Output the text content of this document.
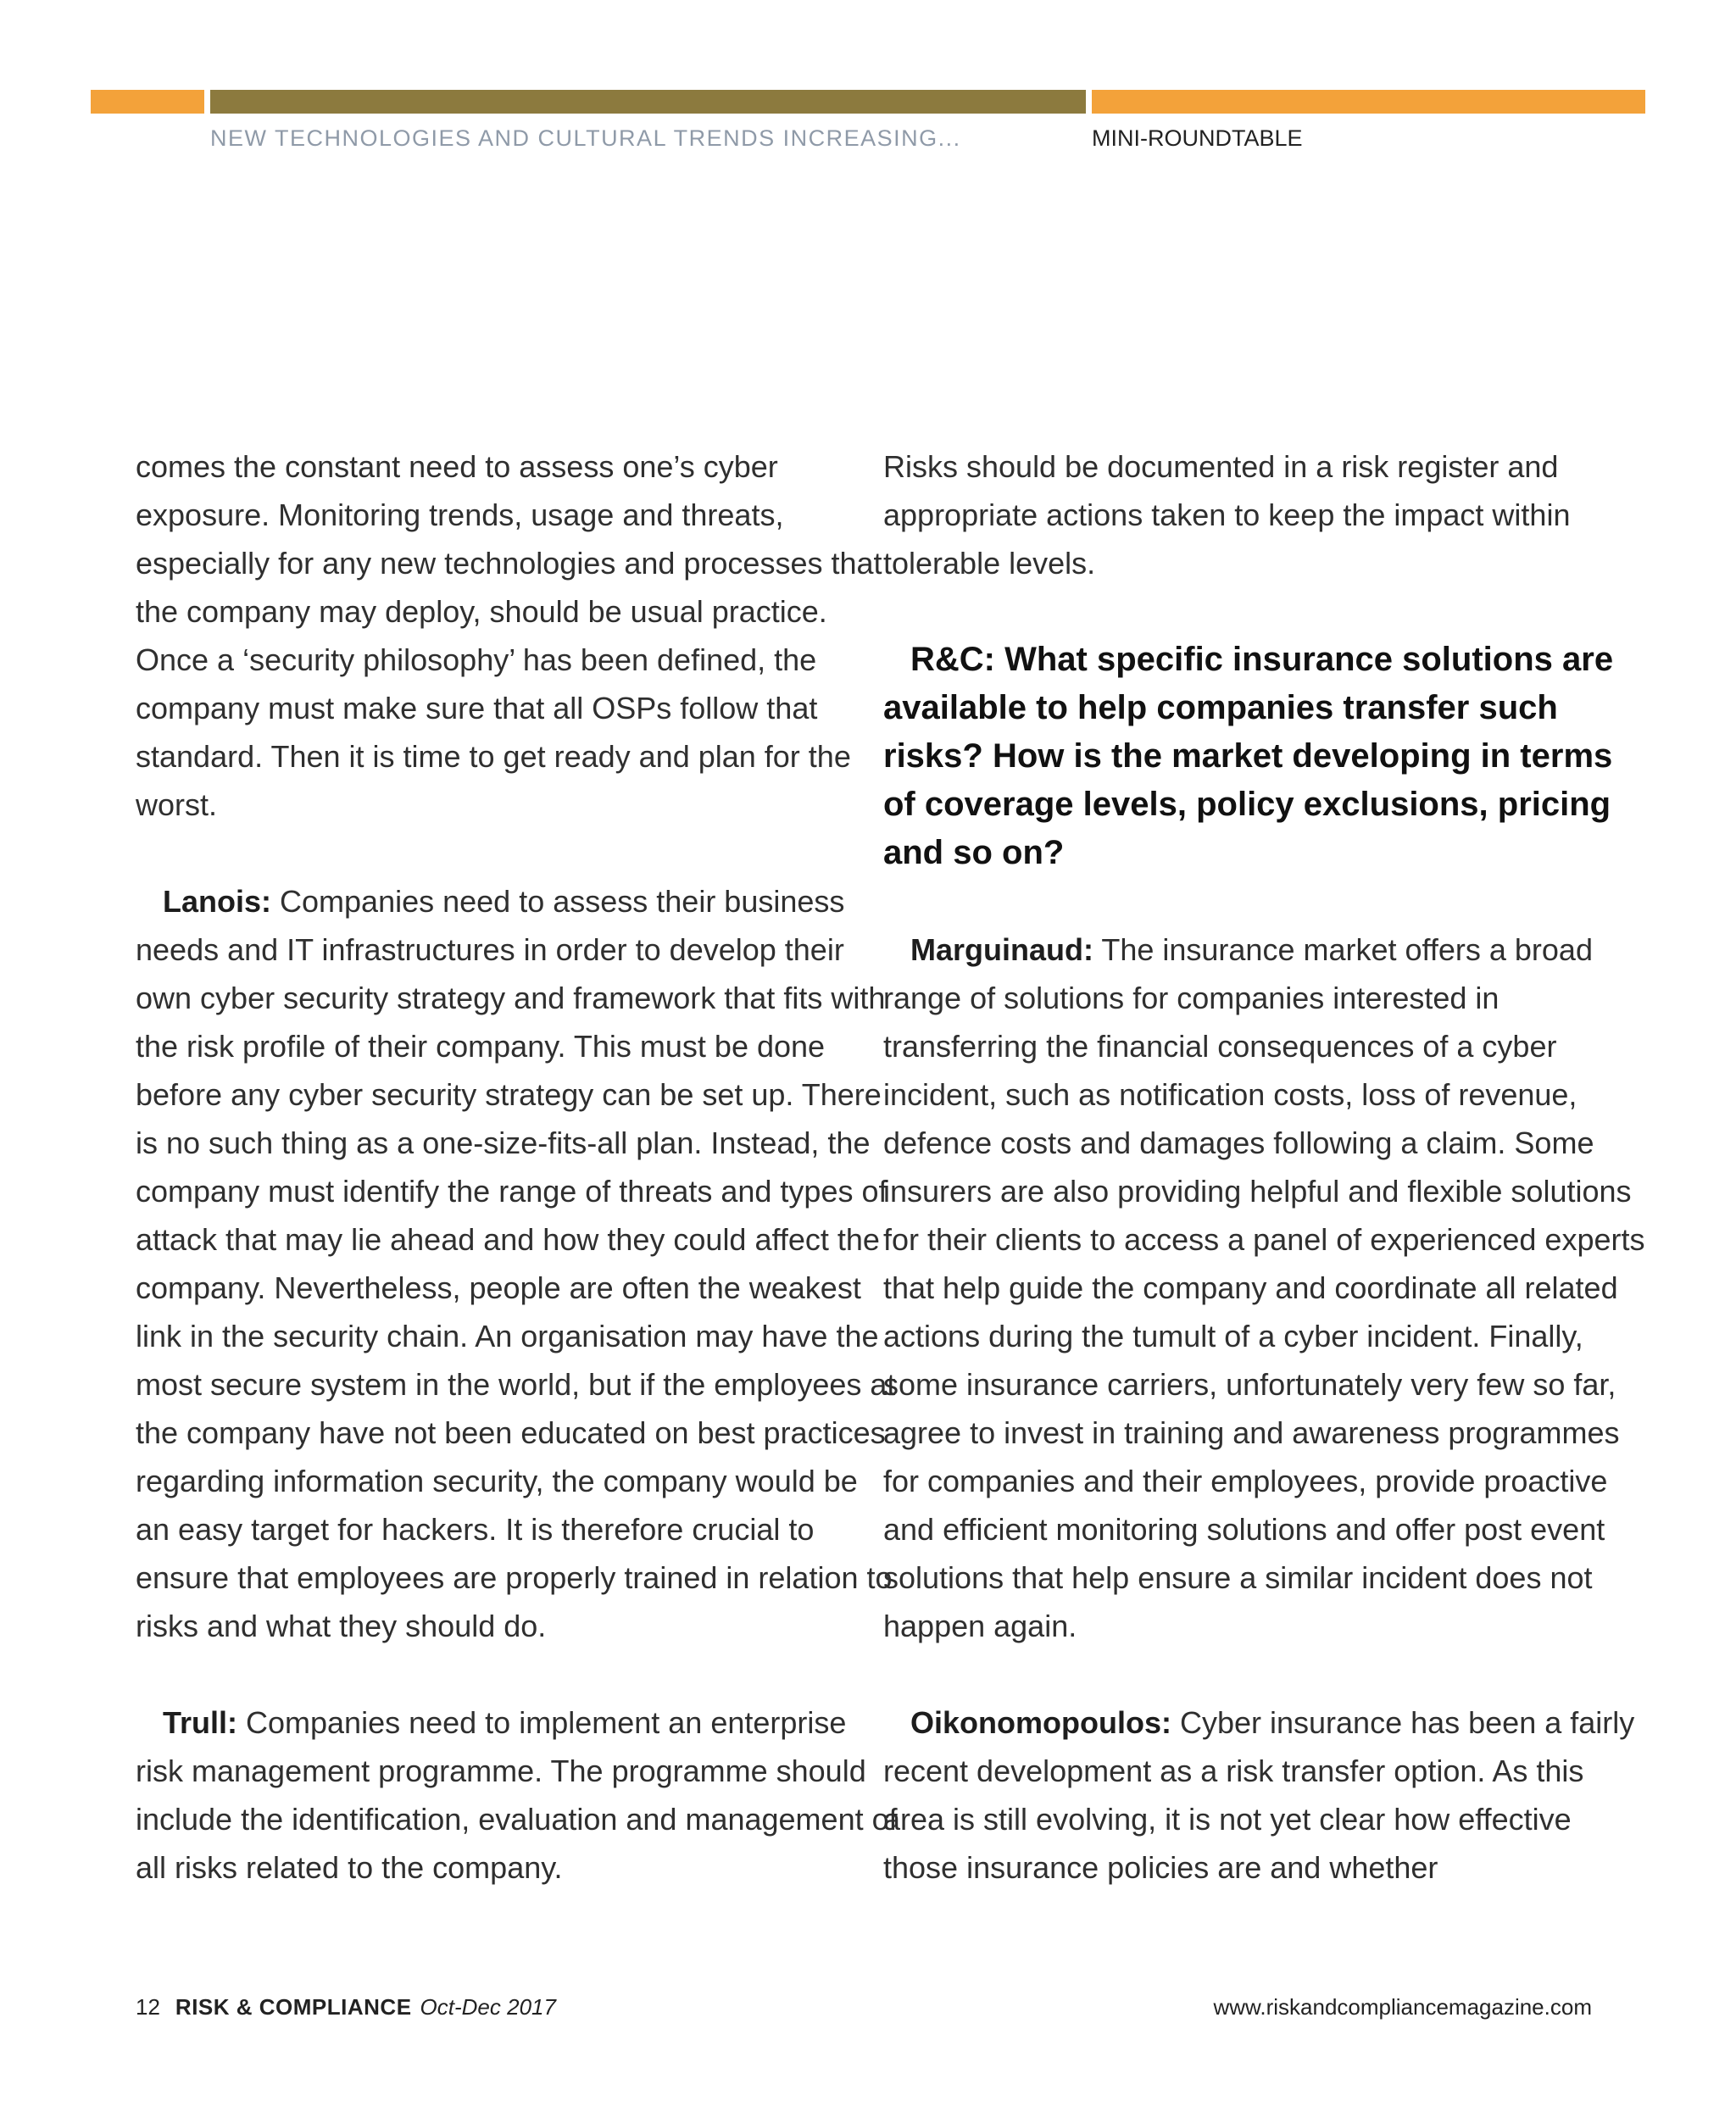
NEW TECHNOLOGIES AND CULTURAL TRENDS INCREASING...	MINI-ROUNDTABLE

comes the constant need to assess one’s cyber exposure. Monitoring trends, usage and threats, especially for any new technologies and processes that the company may deploy, should be usual practice. Once a ‘security philosophy’ has been defined, the company must make sure that all OSPs follow that standard. Then it is time to get ready and plan for the worst.

Lanois: Companies need to assess their business needs and IT infrastructures in order to develop their own cyber security strategy and framework that fits with the risk profile of their company. This must be done before any cyber security strategy can be set up. There is no such thing as a one-size-fits-all plan. Instead, the company must identify the range of threats and types of attack that may lie ahead and how they could affect the company. Nevertheless, people are often the weakest link in the security chain. An organisation may have the most secure system in the world, but if the employees at the company have not been educated on best practices regarding information security, the company would be an easy target for hackers. It is therefore crucial to ensure that employees are properly trained in relation to risks and what they should do.

Trull: Companies need to implement an enterprise risk management programme. The programme should include the identification, evaluation and management of all risks related to the company.

Risks should be documented in a risk register and appropriate actions taken to keep the impact within tolerable levels.

R&C: What specific insurance solutions are available to help companies transfer such risks? How is the market developing in terms of coverage levels, policy exclusions, pricing and so on?

Marguinaud: The insurance market offers a broad range of solutions for companies interested in transferring the financial consequences of a cyber incident, such as notification costs, loss of revenue, defence costs and damages following a claim. Some insurers are also providing helpful and flexible solutions for their clients to access a panel of experienced experts that help guide the company and coordinate all related actions during the tumult of a cyber incident. Finally, some insurance carriers, unfortunately very few so far, agree to invest in training and awareness programmes for companies and their employees, provide proactive and efficient monitoring solutions and offer post event solutions that help ensure a similar incident does not happen again.

Oikonomopoulos: Cyber insurance has been a fairly recent development as a risk transfer option. As this area is still evolving, it is not yet clear how effective those insurance policies are and whether

12 RISK & COMPLIANCE Oct-Dec 2017	www.riskandcompliancemagazine.com
